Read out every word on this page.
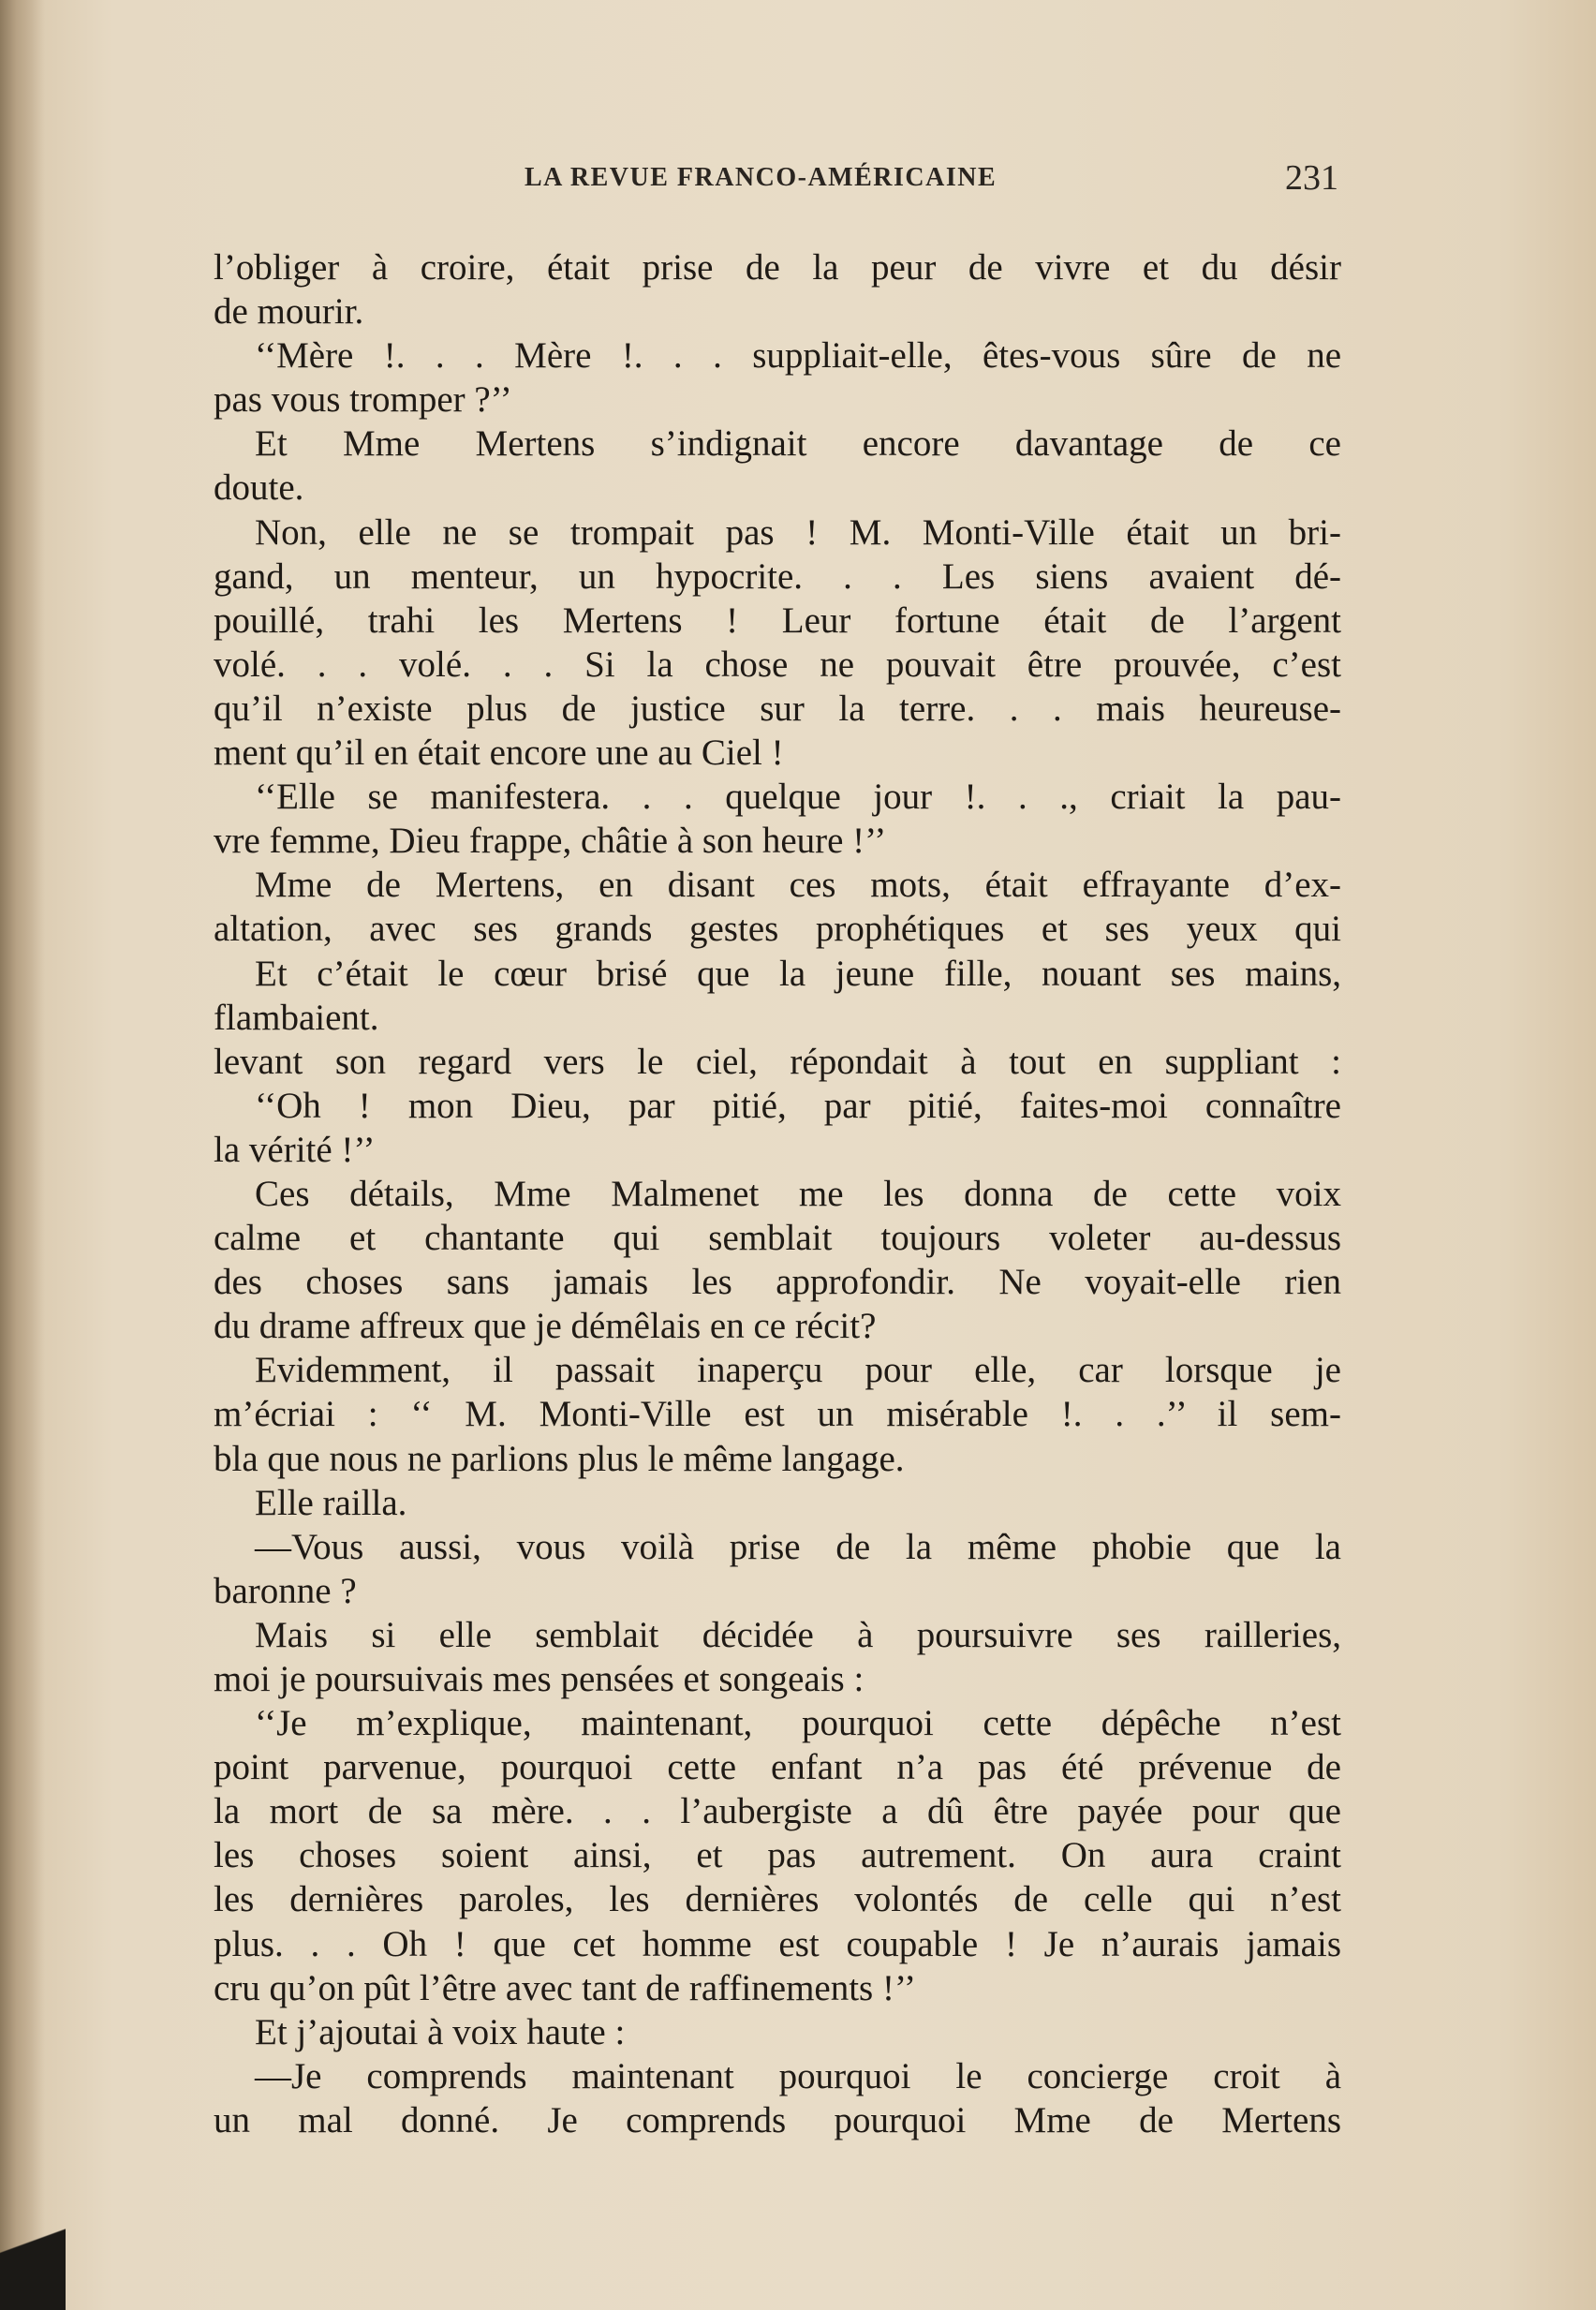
LA REVUE FRANCO-AMÉRICAINE	231
l’obliger à croire, était prise de la peur de vivre et du désir
de mourir.
‘‘Mère !. . . Mère !. . . suppliait-elle, êtes-vous sûre de ne
pas vous tromper ?’’
Et Mme Mertens s’indignait encore davantage de ce
doute.
Non, elle ne se trompait pas ! M. Monti-Ville était un bri-
gand, un menteur, un hypocrite. . . Les siens avaient dé-
pouillé, trahi les Mertens ! Leur fortune était de l’argent
volé. . . volé. . . Si la chose ne pouvait être prouvée, c’est
qu’il n’existe plus de justice sur la terre. . . mais heureuse-
ment qu’il en était encore une au Ciel !
‘‘Elle se manifestera. . . quelque jour !. . ., criait la pau-
vre femme, Dieu frappe, châtie à son heure !’’
Mme de Mertens, en disant ces mots, était effrayante d’ex-
altation, avec ses grands gestes prophétiques et ses yeux qui
Et c’était le cœur brisé que la jeune fille, nouant ses mains,
flambaient.
levant son regard vers le ciel, répondait à tout en suppliant :
‘‘Oh ! mon Dieu, par pitié, par pitié, faites-moi connaître
la vérité !’’
Ces détails, Mme Malmenet me les donna de cette voix
calme et chantante qui semblait toujours voleter au-dessus
des choses sans jamais les approfondir. Ne voyait-elle rien
du drame affreux que je démêlais en ce récit?
Evidemment, il passait inaperçu pour elle, car lorsque je
m’écriai : ‘‘ M. Monti-Ville est un misérable !. . .’’ il sem-
bla que nous ne parlions plus le même langage.
Elle railla.
—Vous aussi, vous voilà prise de la même phobie que la
baronne ?
Mais si elle semblait décidée à poursuivre ses railleries,
moi je poursuivais mes pensées et songeais :
‘‘Je m’explique, maintenant, pourquoi cette dépêche n’est
point parvenue, pourquoi cette enfant n’a pas été prévenue de
la mort de sa mère. . . l’aubergiste a dû être payée pour que
les choses soient ainsi, et pas autrement. On aura craint
les dernières paroles, les dernières volontés de celle qui n’est
plus. . . Oh ! que cet homme est coupable ! Je n’aurais jamais
cru qu’on pût l’être avec tant de raffinements !’’
Et j’ajoutai à voix haute :
—Je comprends maintenant pourquoi le concierge croit à
un mal donné. Je comprends pourquoi Mme de Mertens
